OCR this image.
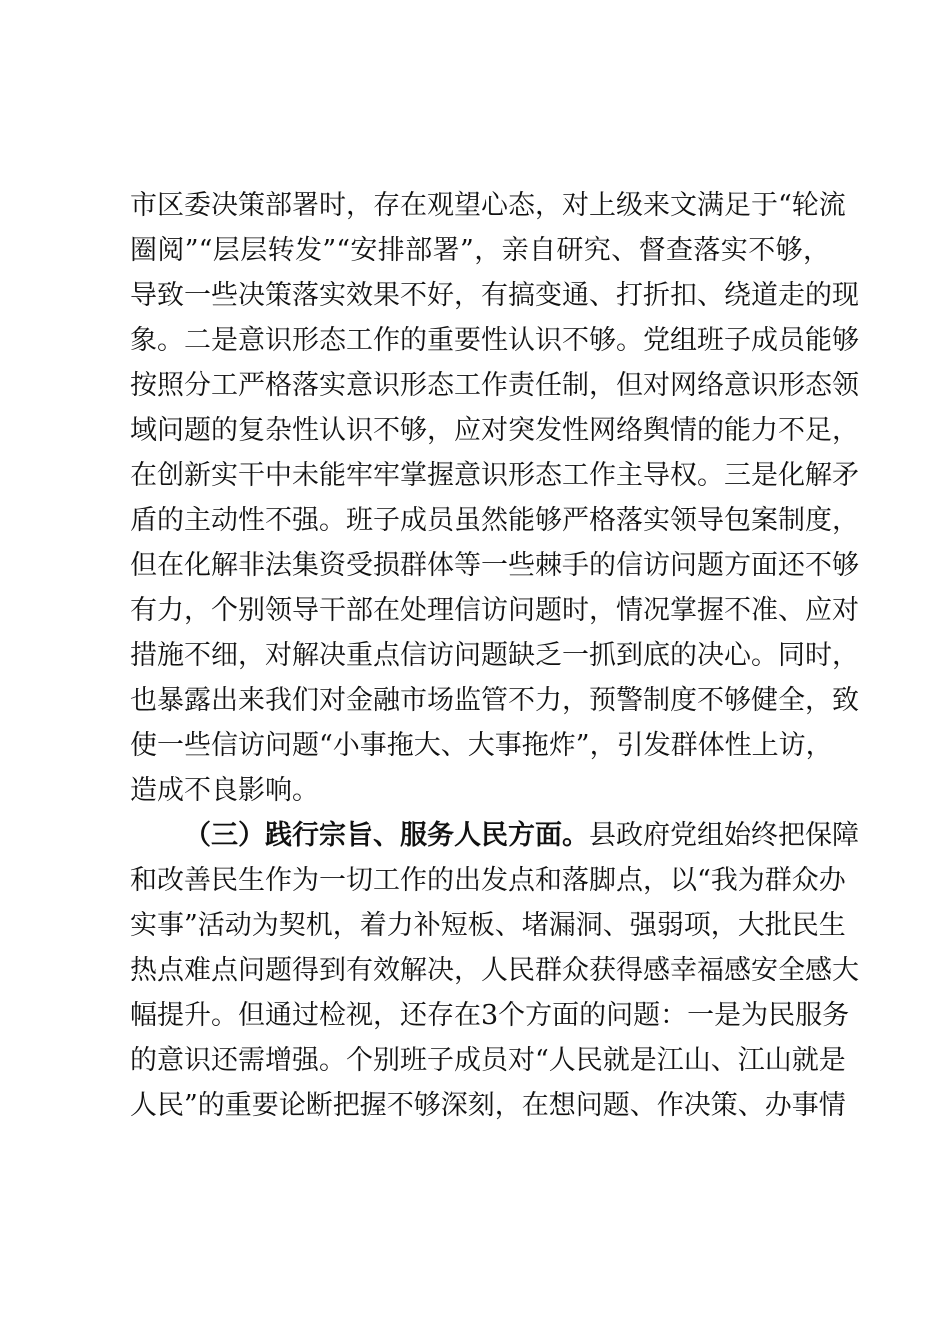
市区委决策部署时，存在观望心态，对上级来文满足于“轮流
圈阅”“层层转发”“安排部署”，亲自研究、督查落实不够，
导致一些决策落实效果不好，有搞变通、打折扣、绕道走的现
象。二是意识形态工作的重要性认识不够。党组班子成员能够
按照分工严格落实意识形态工作责任制，但对网络意识形态领
域问题的复杂性认识不够，应对突发性网络舆情的能力不足，
在创新实干中未能牢牢掌握意识形态工作主导权。三是化解矛
盾的主动性不强。班子成员虽然能够严格落实领导包案制度，
但在化解非法集资受损群体等一些棘手的信访问题方面还不够
有力，个别领导干部在处理信访问题时，情况掌握不准、应对
措施不细，对解决重点信访问题缺乏一抓到底的决心。同时，
也暴露出来我们对金融市场监管不力，预警制度不够健全，致
使一些信访问题“小事拖大、大事拖炸”，引发群体性上访，
造成不良影响。
（三）践行宗旨、服务人民方面。县政府党组始终把保障
和改善民生作为一切工作的出发点和落脚点，以“我为群众办
实事”活动为契机，着力补短板、堵漏洞、强弱项，大批民生
热点难点问题得到有效解决，人民群众获得感幸福感安全感大
幅提升。但通过检视，还存在3个方面的问题：一是为民服务
的意识还需增强。个别班子成员对“人民就是江山、江山就是
人民”的重要论断把握不够深刻，在想问题、作决策、办事情
